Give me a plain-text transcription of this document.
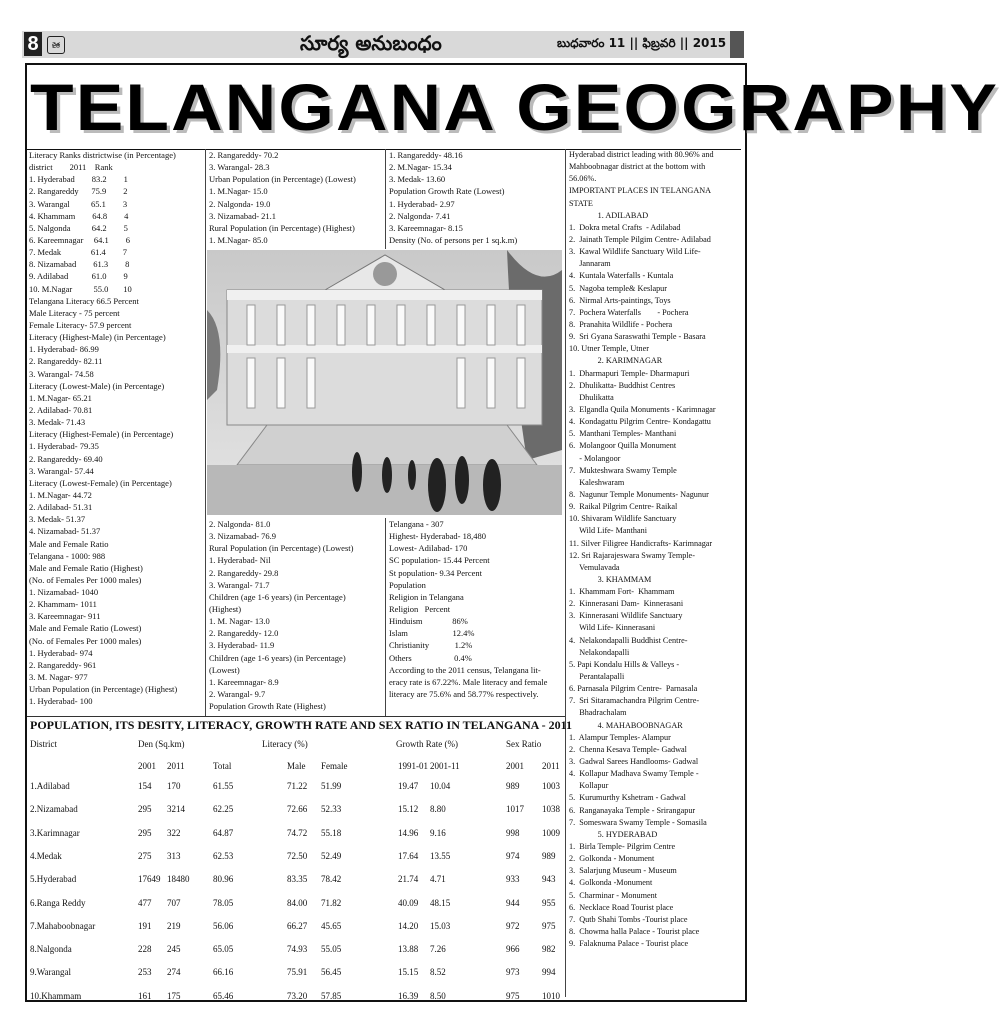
8	చైత్ర	సూర్య అనుబంధం	బుధవారం 11 || ఫిబ్రవరి || 2015
TELANGANA GEOGRAPHY
Literacy Ranks districtwise (in Percentage)
district        2011    Rank
1. Hyderabad        83.2        1
2. Rangareddy      75.9        2
3. Warangal          65.1        3
4. Khammam        64.8        4
5. Nalgonda          64.2        5
6. Kareemnagar     64.1        6
7. Medak              61.4        7
8. Nizamabad        61.3        8
9. Adilabad           61.0        9
10. M.Nagar          55.0       10
Telangana Literacy 66.5 Percent
Male Literacy - 75 percent
Female Literacy- 57.9 percent
Literacy (Highest-Male) (in Percentage)
1. Hyderabad- 86.99
2. Rangareddy- 82.11
3. Warangal- 74.58
Literacy (Lowest-Male) (in Percentage)
1. M.Nagar- 65.21
2. Adilabad- 70.81
3. Medak- 71.43
Literacy (Highest-Female) (in Percentage)
1. Hyderabad- 79.35
2. Rangareddy- 69.40
3. Warangal- 57.44
Literacy (Lowest-Female) (in Percentage)
1. M.Nagar- 44.72
2. Adilabad- 51.31
3. Medak- 51.37
4. Nizamabad- 51.37
Male and Female Ratio
Telangana - 1000: 988
Male and Female Ratio (Highest)
(No. of Females Per 1000 males)
1. Nizamabad- 1040
2. Khammam- 1011
3. Kareemnagar- 911
Male and Female Ratio (Lowest)
(No. of Females Per 1000 males)
1. Hyderabad- 974
2. Rangareddy- 961
3. M. Nagar- 977
Urban Population (in Percentage) (Highest)
1. Hyderabad- 100
2. Rangareddy- 70.2
3. Warangal- 28.3
Urban Population (in Percentage) (Lowest)
1. M.Nagar- 15.0
2. Nalgonda- 19.0
3. Nizamabad- 21.1
Rural Population (in Percentage) (Highest)
1. M.Nagar- 85.0
1. Rangareddy- 48.16
2. M.Nagar- 15.34
3. Medak- 13.60
Population Growth Rate (Lowest)
1. Hyderabad- 2.97
2. Nalgonda- 7.41
3. Kareemnagar- 8.15
Density (No. of persons per 1 sq.k.m)
Hyderabad district leading with 80.96% and
Mahboobnagar district at the bottom with
56.06%.
IMPORTANT PLACES IN TELANGANA
STATE
1. ADILABAD
1.  Dokra metal Crafts  - Adilabad
2.  Jainath Temple Pilgim Centre- Adilabad
3.  Kawal Wildlife Sanctuary Wild Life-
Jannaram
4.  Kuntala Waterfalls - Kuntala
5.  Nagoba temple& Keslapur
6.  Nirmal Arts-paintings, Toys
7.  Pochera Waterfalls        - Pochera
8.  Pranahita Wildlife - Pochera
9.  Sri Gyana Saraswathi Temple - Basara
10. Utner Temple, Utner
2. KARIMNAGAR
1.  Dharmapuri Temple- Dharmapuri
2.  Dhulikatta- Buddhist Centres
Dhulikatta
3.  Elgandla Quila Monuments - Karimnagar
4.  Kondagattu Pilgrim Centre- Kondagattu
5.  Manthani Temples- Manthani
6.  Molangoor Quilla Monument
- Molangoor
7.  Mukteshwara Swamy Temple
Kaleshwaram
8.  Nagunur Temple Monuments- Nagunur
9.  Raikal Pilgrim Centre- Raikal
10. Shivaram Wildlife Sanctuary
Wild Life- Manthani
11. Silver Filigree Handicrafts- Karimnagar
12. Sri Rajarajeswara Swamy Temple-
Vemulavada
3. KHAMMAM
1.  Khammam Fort-  Khammam
2.  Kinnerasani Dam-  Kinnerasani
3.  Kinnerasani Wildlife Sanctuary
Wild Life- Kinnerasani
4.  Nelakondapalli Buddhist Centre-
Nelakondapalli
5. Papi Kondalu Hills & Valleys -
Perantalapalli
6. Parnasala Pilgrim Centre-  Parnasala
7.  Sri Sitaramachandra Pilgrim Centre-
Bhadrachalam
4. MAHABOOBNAGAR
1.  Alampur Temples- Alampur
2.  Chenna Kesava Temple- Gadwal
3.  Gadwal Sarees Handlooms- Gadwal
4.  Kollapur Madhava Swamy Temple -
Kollapur
5.  Kurumurthy Kshetram - Gadwal
6.  Ranganayaka Temple - Srirangapur
7.  Someswara Swamy Temple - Somasila
5. HYDERABAD
1.  Birla Temple- Pilgrim Centre
2.  Golkonda - Monument
3.  Salarjung Museum - Museum
4.  Golkonda -Monument
5.  Charminar - Monument
6.  Necklace Road Tourist place
7.  Qutb Shahi Tombs -Tourist place
8.  Chowma halla Palace - Tourist place
9.  Falaknuma Palace - Tourist place
2. Nalgonda- 81.0
3. Nizamabad- 76.9
Rural Population (in Percentage) (Lowest)
1. Hyderabad- Nil
2. Rangareddy- 29.8
3. Warangal- 71.7
Children (age 1-6 years) (in Percentage)
(Highest)
1. M. Nagar- 13.0
2. Rangareddy- 12.0
3. Hyderabad- 11.9
Children (age 1-6 years) (in Percentage)
(Lowest)
1. Kareemnagar- 8.9
2. Warangal- 9.7
Population Growth Rate (Highest)
Telangana - 307
Highest- Hyderabad- 18,480
Lowest- Adilabad- 170
SC population- 15.44 Percent
St population- 9.34 Percent
Population
Religion in Telangana
Religion   Percent
Hinduism              86%
Islam                     12.4%
Christianity            1.2%
Others                    0.4%
According to the 2011 census, Telangana lit-
eracy rate is 67.22%. Male literacy and female
literacy are 75.6% and 58.77% respectively.
POPULATION, ITS DESITY, LITERACY, GROWTH RATE AND SEX RATIO IN TELANGANA - 2011
District	Den (Sq.km)	Literacy (%)	Growth Rate (%)	Sex Ratio
2001 2011	Total	Male Female	1991-01 2001-11	2001 2011
1.Adilabad	154 170	61.55	71.22 51.99	19.47 10.04	989	1003
2.Nizamabad	295 3214	62.25	72.66 52.33	15.12 8.80	1017 1038
3.Karimnagar	295 322	64.87	74.72 55.18	14.96 9.16	998	1009
4.Medak	275 313	62.53	72.50 52.49	17.64 13.55	974	989
5.Hyderabad	17649 18480	80.96	83.35 78.42	21.74 4.71	933	943
6.Ranga Reddy	477 707	78.05	84.00 71.82	40.09 48.15	944	955
7.Mahaboobnagar	191 219	56.06	66.27 45.65	14.20 15.03	972	975
8.Nalgonda	228 245	65.05	74.93 55.05	13.88 7.26	966	982
9.Warangal	253 274	66.16	75.91 56.45	15.15 8.52	973	994
10.Khammam	161 175	65.46	73.20 57.85	16.39 8.50	975	1010
